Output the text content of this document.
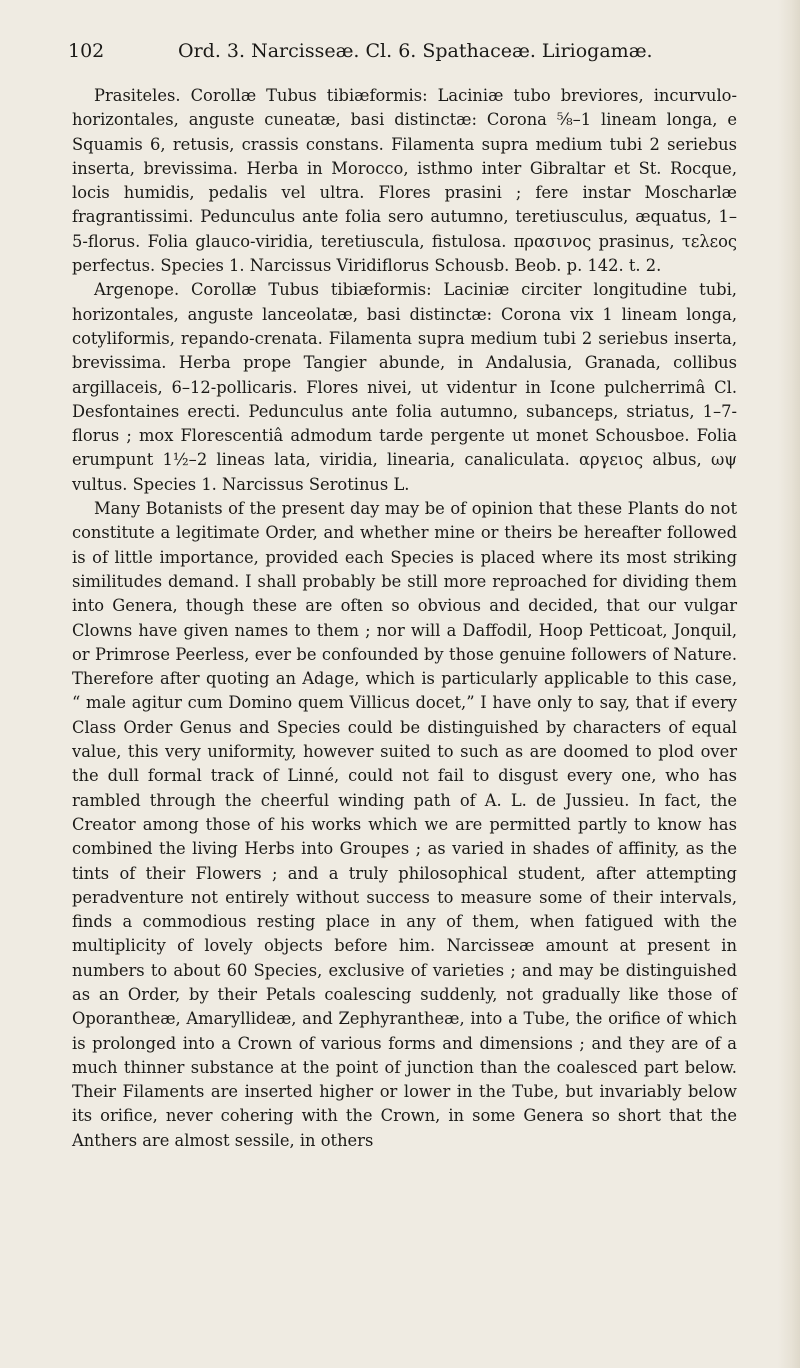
102	Ord. 3. Narcisseæ. Cl. 6. Spathaceæ. Liriogamæ.

Prasiteles. Corollæ Tubus tibiæformis: Laciniæ tubo breviores, incurvulo-horizontales, anguste cuneatæ, basi distinctæ: Corona ⅝–1 lineam longa, e Squamis 6, retusis, crassis constans. Filamenta supra medium tubi 2 seriebus inserta, brevissima. Herba in Morocco, isthmo inter Gibraltar et St. Rocque, locis humidis, pedalis vel ultra. Flores prasini ; fere instar Moscharlæ fragrantissimi. Pedunculus ante folia sero autumno, teretiusculus, æquatus, 1–5-florus. Folia glauco-viridia, teretiuscula, fistulosa. πρασινος prasinus, τελεος perfectus. Species 1. Narcissus Viridiflorus Schousb. Beob. p. 142. t. 2.

Argenope. Corollæ Tubus tibiæformis: Laciniæ circiter longitudine tubi, horizontales, anguste lanceolatæ, basi distinctæ: Corona vix 1 lineam longa, cotyliformis, repando-crenata. Filamenta supra medium tubi 2 seriebus inserta, brevissima. Herba prope Tangier abunde, in Andalusia, Granada, collibus argillaceis, 6–12-pollicaris. Flores nivei, ut videntur in Icone pulcherrimâ Cl. Desfontaines erecti. Pedunculus ante folia autumno, subanceps, striatus, 1–7-florus ; mox Florescentiâ admodum tarde pergente ut monet Schousboe. Folia erumpunt 1½–2 lineas lata, viridia, linearia, canaliculata. αργειος albus, ωψ vultus. Species 1. Narcissus Serotinus L.

Many Botanists of the present day may be of opinion that these Plants do not constitute a legitimate Order, and whether mine or theirs be hereafter followed is of little importance, provided each Species is placed where its most striking similitudes demand. I shall probably be still more reproached for dividing them into Genera, though these are often so obvious and decided, that our vulgar Clowns have given names to them ; nor will a Daffodil, Hoop Petticoat, Jonquil, or Primrose Peerless, ever be confounded by those genuine followers of Nature. Therefore after quoting an Adage, which is particularly applicable to this case, “ male agitur cum Domino quem Villicus docet,” I have only to say, that if every Class Order Genus and Species could be distinguished by characters of equal value, this very uniformity, however suited to such as are doomed to plod over the dull formal track of Linné, could not fail to disgust every one, who has rambled through the cheerful winding path of A. L. de Jussieu. In fact, the Creator among those of his works which we are permitted partly to know has combined the living Herbs into Groupes ; as varied in shades of affinity, as the tints of their Flowers ; and a truly philosophical student, after attempting peradventure not entirely without success to measure some of their intervals, finds a commodious resting place in any of them, when fatigued with the multiplicity of lovely objects before him. Narcisseæ amount at present in numbers to about 60 Species, exclusive of varieties ; and may be distinguished as an Order, by their Petals coalescing suddenly, not gradually like those of Oporantheæ, Amaryllideæ, and Zephyrantheæ, into a Tube, the orifice of which is prolonged into a Crown of various forms and dimensions ; and they are of a much thinner substance at the point of junction than the coalesced part below. Their Filaments are inserted higher or lower in the Tube, but invariably below its orifice, never cohering with the Crown, in some Genera so short that the Anthers are almost sessile, in others
